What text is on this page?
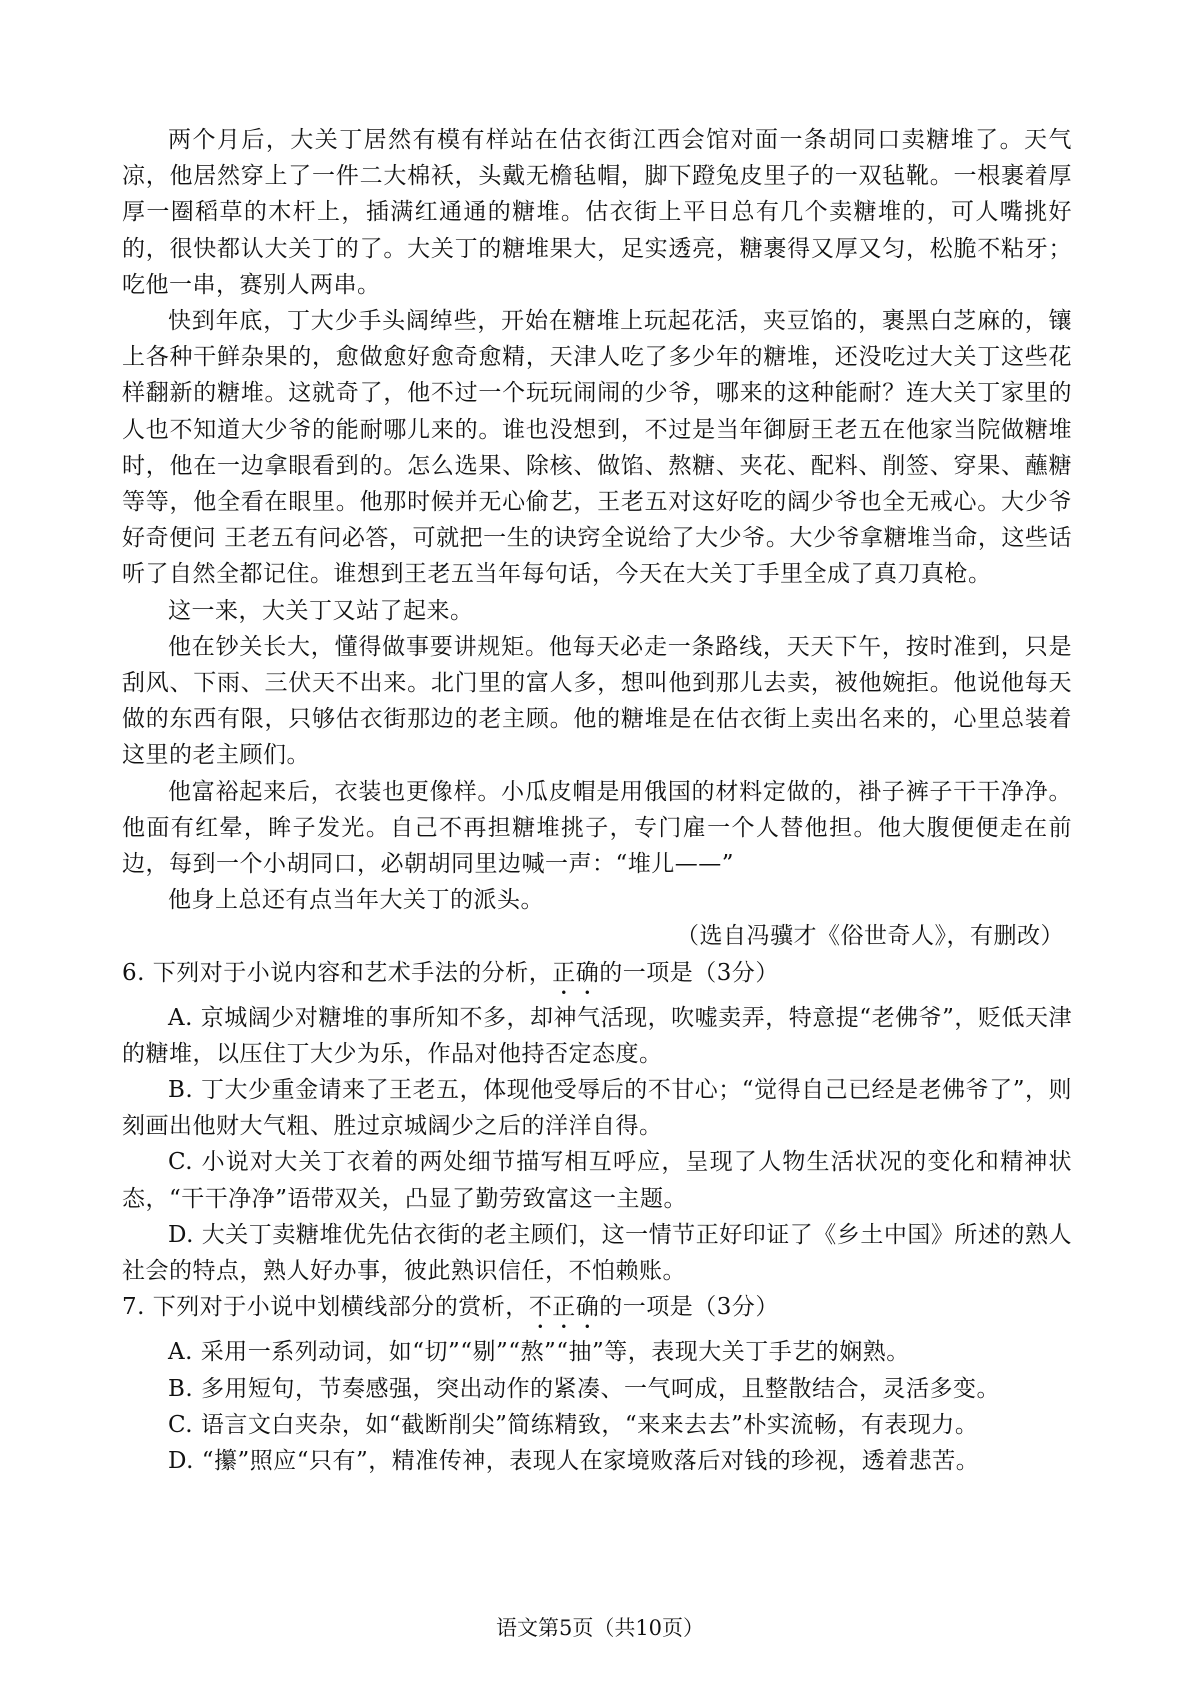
两个月后，大关丁居然有模有样站在估衣街江西会馆对面一条胡同口卖糖堆了。天气凉，他居然穿上了一件二大棉袄，头戴无檐毡帽，脚下蹬兔皮里子的一双毡靴。一根裹着厚厚一圈稻草的木杆上，插满红通通的糖堆。估衣街上平日总有几个卖糖堆的，可人嘴挑好的，很快都认大关丁的了。大关丁的糖堆果大，足实透亮，糖裹得又厚又匀，松脆不粘牙；吃他一串，赛别人两串。

快到年底，丁大少手头阔绰些，开始在糖堆上玩起花活，夹豆馅的，裹黑白芝麻的，镶上各种干鲜杂果的，愈做愈好愈奇愈精，天津人吃了多少年的糖堆，还没吃过大关丁这些花样翻新的糖堆。这就奇了，他不过一个玩玩闹闹的少爷，哪来的这种能耐？连大关丁家里的人也不知道大少爷的能耐哪儿来的。谁也没想到，不过是当年御厨王老五在他家当院做糖堆时，他在一边拿眼看到的。怎么选果、除核、做馅、熬糖、夹花、配料、削签、穿果、蘸糖等等，他全看在眼里。他那时候并无心偷艺，王老五对这好吃的阔少爷也全无戒心。大少爷好奇便问 王老五有问必答，可就把一生的诀窍全说给了大少爷。大少爷拿糖堆当命，这些话听了自然全都记住。谁想到王老五当年每句话，今天在大关丁手里全成了真刀真枪。

这一来，大关丁又站了起来。

他在钞关长大，懂得做事要讲规矩。他每天必走一条路线，天天下午，按时准到，只是刮风、下雨、三伏天不出来。北门里的富人多，想叫他到那儿去卖，被他婉拒。他说他每天做的东西有限，只够估衣街那边的老主顾。他的糖堆是在估衣街上卖出名来的，心里总装着这里的老主顾们。

他富裕起来后，衣装也更像样。小瓜皮帽是用俄国的材料定做的，褂子裤子干干净净。他面有红晕，眸子发光。自己不再担糖堆挑子，专门雇一个人替他担。他大腹便便走在前边，每到一个小胡同口，必朝胡同里边喊一声：“堆儿——”

他身上总还有点当年大关丁的派头。

（选自冯骥才《俗世奇人》，有删改）

6. 下列对于小说内容和艺术手法的分析，正确的一项是（3分）

A. 京城阔少对糖堆的事所知不多，却神气活现，吹嘘卖弄，特意提“老佛爷”，贬低天津的糖堆，以压住丁大少为乐，作品对他持否定态度。

B. 丁大少重金请来了王老五，体现他受辱后的不甘心；“觉得自己已经是老佛爷了”，则刻画出他财大气粗、胜过京城阔少之后的洋洋自得。

C. 小说对大关丁衣着的两处细节描写相互呼应，呈现了人物生活状况的变化和精神状态，“干干净净”语带双关，凸显了勤劳致富这一主题。

D. 大关丁卖糖堆优先估衣街的老主顾们，这一情节正好印证了《乡土中国》所述的熟人社会的特点，熟人好办事，彼此熟识信任，不怕赖账。

7. 下列对于小说中划横线部分的赏析，不正确的一项是（3分）

A. 采用一系列动词，如“切”“剔”“熬”“抽”等，表现大关丁手艺的娴熟。

B. 多用短句，节奏感强，突出动作的紧凑、一气呵成，且整散结合，灵活多变。

C. 语言文白夹杂，如“截断削尖”简练精致，“来来去去”朴实流畅，有表现力。

D. “攥”照应“只有”，精准传神，表现人在家境败落后对钱的珍视，透着悲苦。

语文第5页（共10页）
